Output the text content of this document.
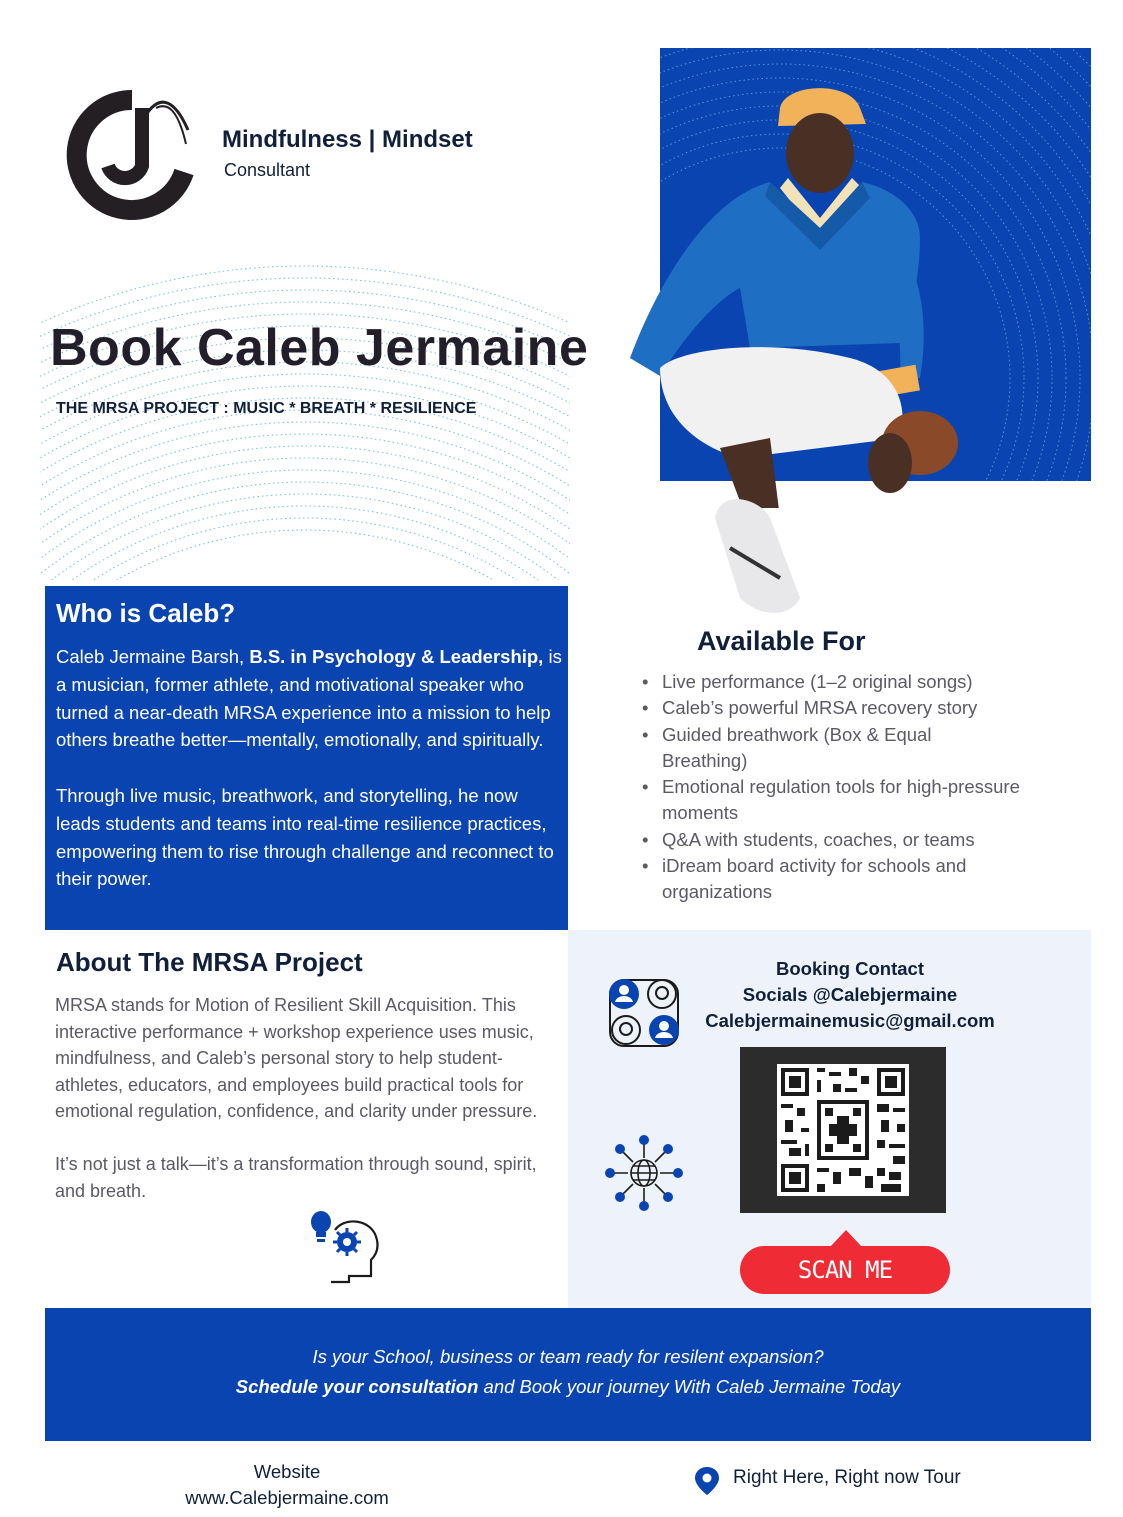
Mindfulness | Mindset
Consultant
Book Caleb Jermaine
THE MRSA PROJECT : MUSIC * BREATH * RESILIENCE
Who is Caleb?

Caleb Jermaine Barsh, B.S. in Psychology & Leadership, is a musician, former athlete, and motivational speaker who turned a near-death MRSA experience into a mission to help others breathe better—mentally, emotionally, and spiritually.

Through live music, breathwork, and storytelling, he now leads students and teams into real-time resilience practices, empowering them to rise through challenge and reconnect to their power.

Available For
• Live performance (1–2 original songs)
• Caleb’s powerful MRSA recovery story
• Guided breathwork (Box & Equal Breathing)
• Emotional regulation tools for high-pressure moments
• Q&A with students, coaches, or teams
• iDream board activity for schools and organizations
About The MRSA Project

MRSA stands for Motion of Resilient Skill Acquisition. This interactive performance + workshop experience uses music, mindfulness, and Caleb’s personal story to help student-athletes, educators, and employees build practical tools for emotional regulation, confidence, and clarity under pressure.

It’s not just a talk—it’s a transformation through sound, spirit, and breath.

Booking Contact
Socials @Calebjermaine
Calebjermainemusic@gmail.com
SCAN ME
Is your School, business or team ready for resilent expansion?
Schedule your consultation and Book your journey With Caleb Jermaine Today
Website
www.Calebjermaine.com
Right Here, Right now Tour
